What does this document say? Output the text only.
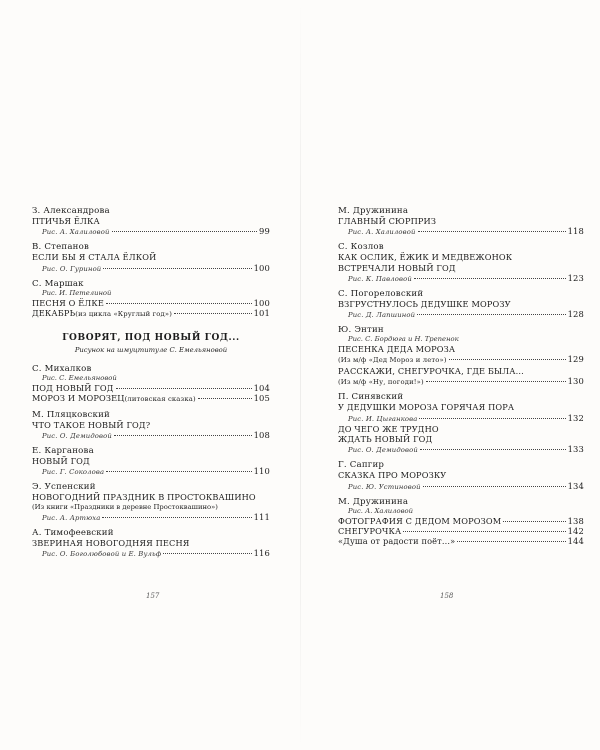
З. Александрова
ПТИЧЬЯ ЁЛКА
Рис. А. Халиловой	99
В. Степанов
ЕСЛИ БЫ Я СТАЛА ЁЛКОЙ
Рис. О. Гуриной	100
С. Маршак
Рис. И. Петелиной
ПЕСНЯ О ЁЛКЕ	100
ДЕКАБРЬ (из цикла «Круглый год»)	101
ГОВОРЯТ, ПОД НОВЫЙ ГОД...
Рисунок на шмуцтитуле С. Емельяновой
С. Михалков
Рис. С. Емельяновой
ПОД НОВЫЙ ГОД	104
МОРОЗ И МОРОЗЕЦ (литовская сказка)	105
М. Пляцковский
ЧТО ТАКОЕ НОВЫЙ ГОД?
Рис. О. Демидовой	108
Е. Карганова
НОВЫЙ ГОД
Рис. Г. Соколова	110
Э. Успенский
НОВОГОДНИЙ ПРАЗДНИК В ПРОСТОКВАШИНО
(Из книги «Праздники в деревне Простоквашино»)
Рис. А. Артюха	111
А. Тимофеевский
ЗВЕРИНАЯ НОВОГОДНЯЯ ПЕСНЯ
Рис. О. Боголюбовой и Е. Вульф	116
М. Дружинина
ГЛАВНЫЙ СЮРПРИЗ
Рис. А. Халиловой	118
С. Козлов
КАК ОСЛИК, ЁЖИК И МЕДВЕЖОНОК
ВСТРЕЧАЛИ НОВЫЙ ГОД
Рис. К. Павловой	123
С. Погореловский
ВЗГРУСТНУЛОСЬ ДЕДУШКЕ МОРОЗУ
Рис. Д. Лапшиной	128
Ю. Энтин
Рис. С. Бордюга и Н. Трепенок
ПЕСЕНКА ДЕДА МОРОЗА
(Из м/ф «Дед Мороз и лето»)	129
РАССКАЖИ, СНЕГУРОЧКА, ГДЕ БЫЛА...
(Из м/ф «Ну, погоди!»)	130
П. Синявский
У ДЕДУШКИ МОРОЗА ГОРЯЧАЯ ПОРА
Рис. И. Цыганкова	132
ДО ЧЕГО ЖЕ ТРУДНО
ЖДАТЬ НОВЫЙ ГОД
Рис. О. Демидовой	133
Г. Сапгир
СКАЗКА ПРО МОРОЗКУ
Рис. Ю. Устиновой	134
М. Дружинина
Рис. А. Халиловой
ФОТОГРАФИЯ С ДЕДОМ МОРОЗОМ	138
СНЕГУРОЧКА	142
«Душа от радости поёт...»	144
157	158
